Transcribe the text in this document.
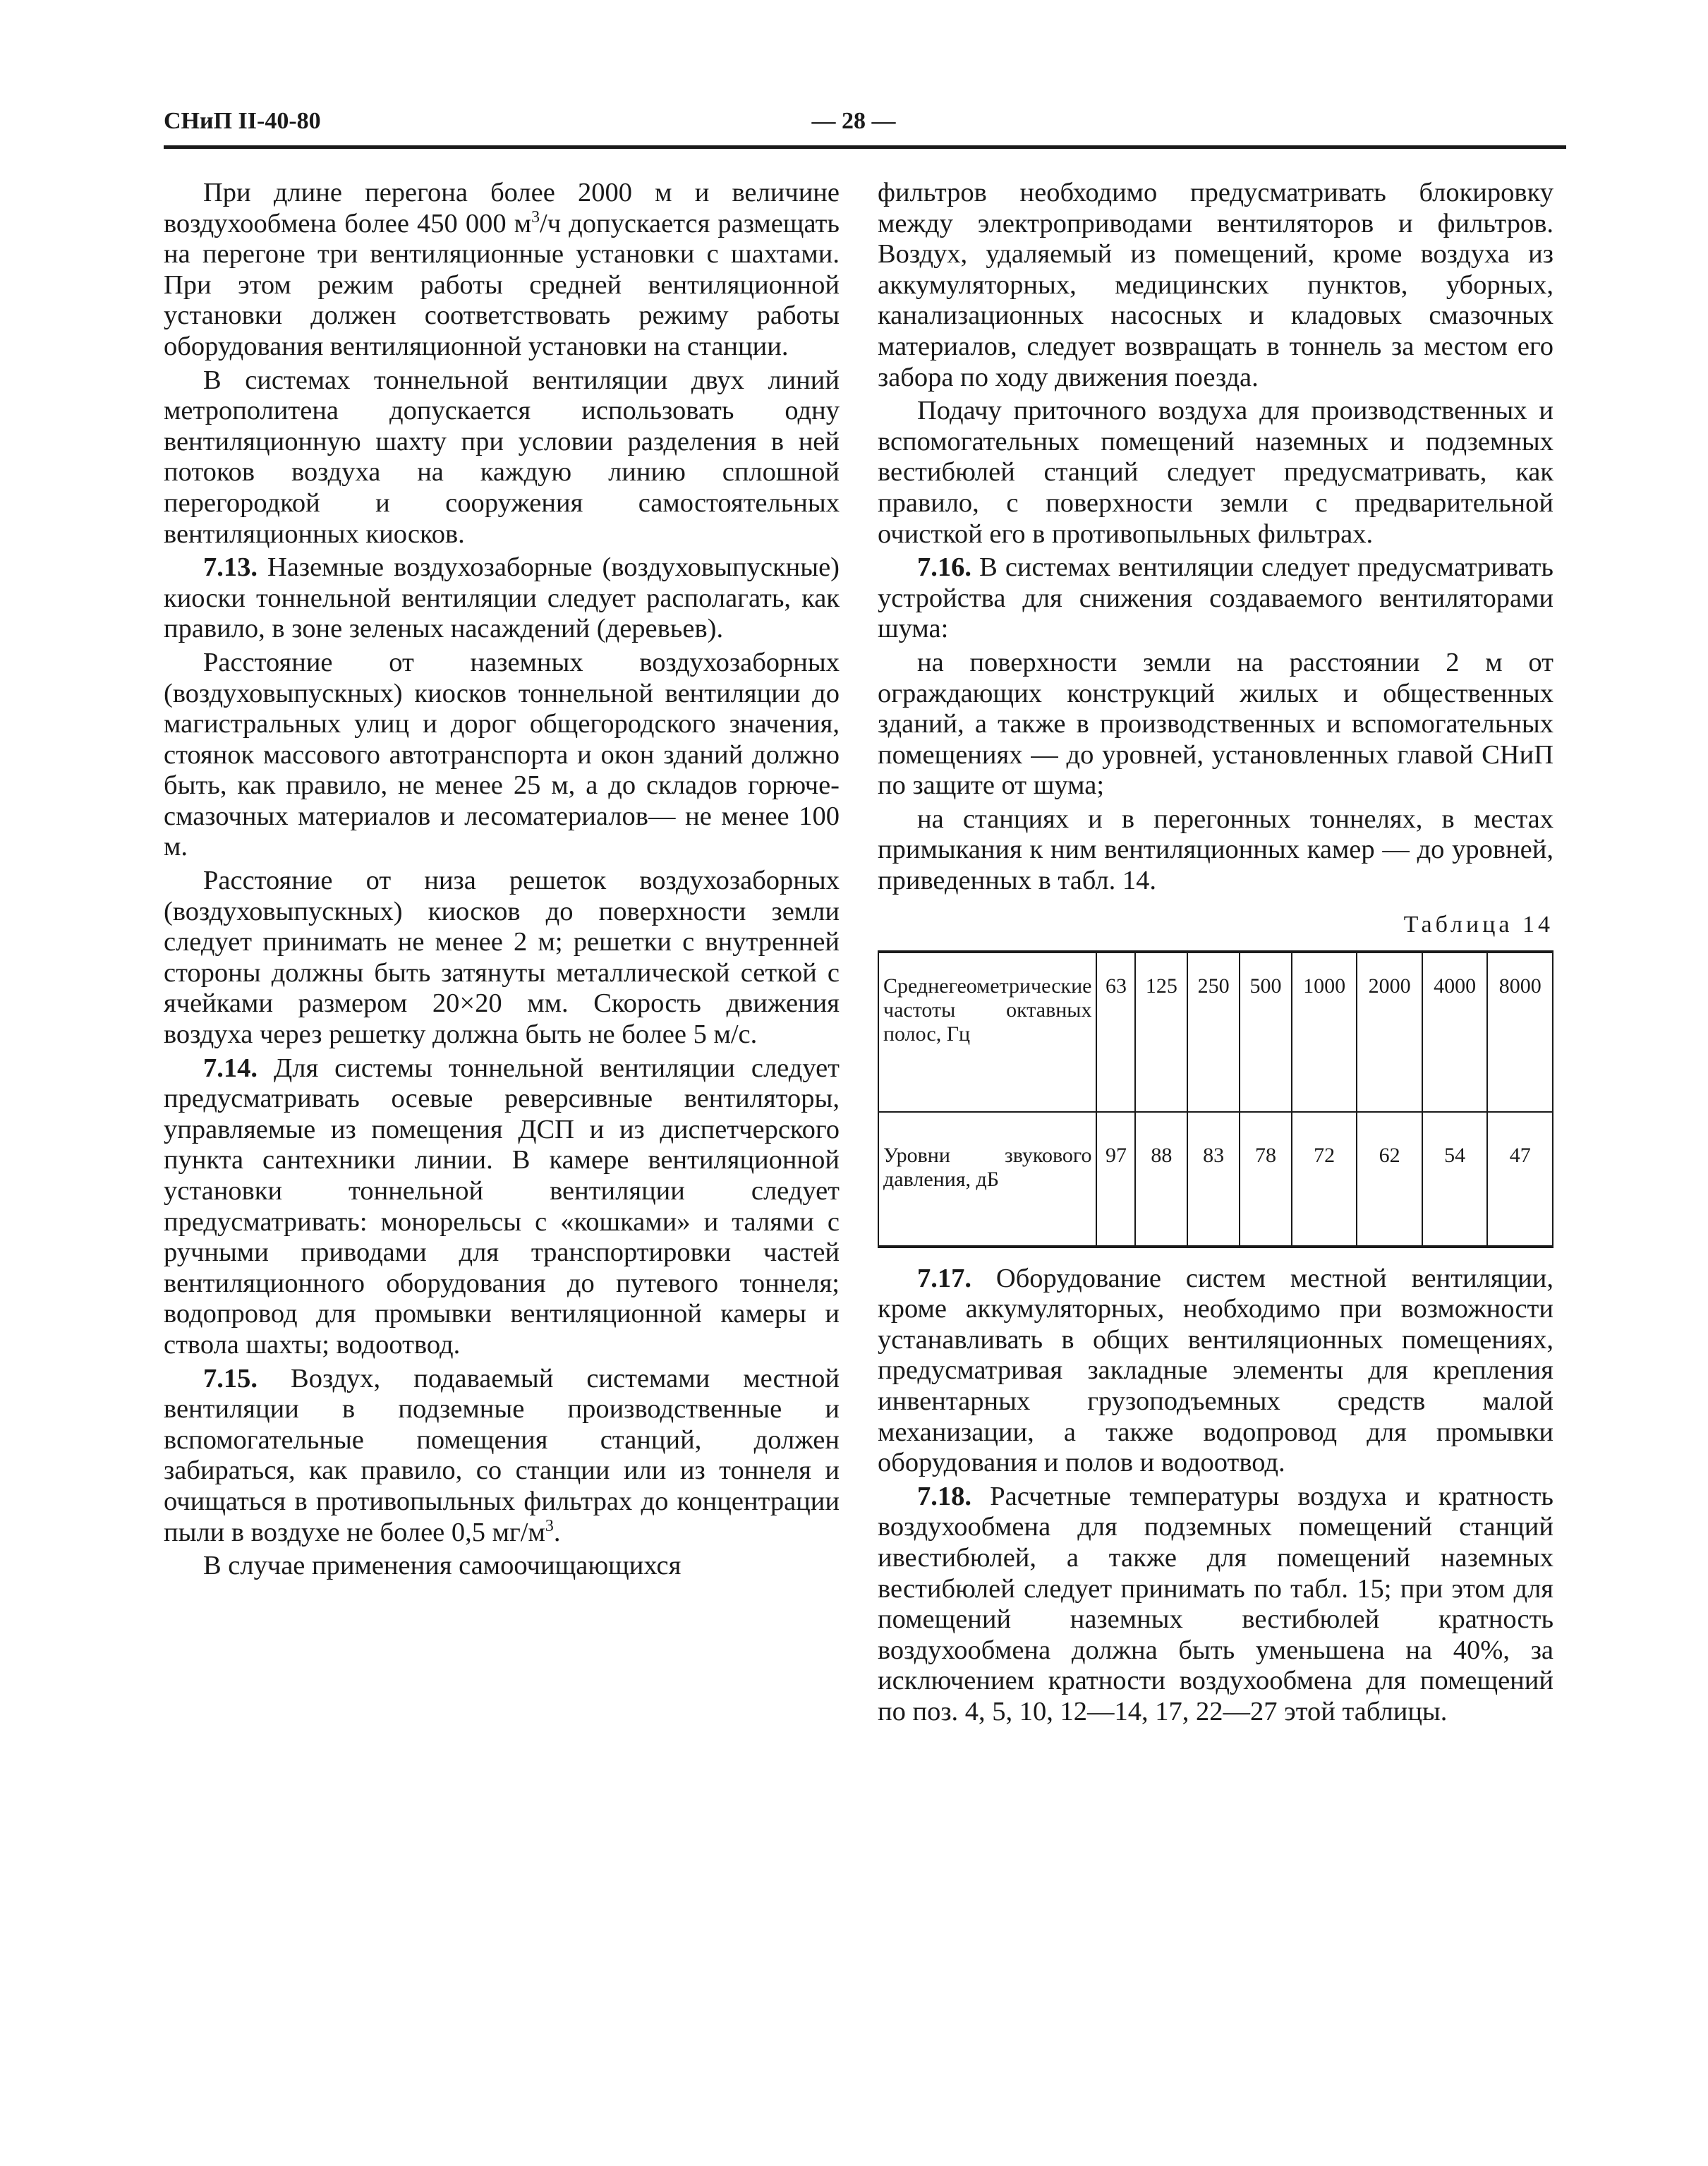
СНиП II-40-80	— 28 —

При длине перегона более 2000 м и величине воздухообмена более 450 000 $м^3/ч$ допускается размещать на перегоне три вентиляционные установки с шахтами. При этом режим работы средней вентиляционной установки должен соответствовать режиму работы оборудования вентиляционной установки на станции.

В системах тоннельной вентиляции двух линий метрополитена допускается использовать одну вентиляционную шахту при условии разделения в ней потоков воздуха на каждую линию сплошной перегородкой и сооружения самостоятельных вентиляционных киосков.

7.13. Наземные воздухозаборные (воздуховыпускные) киоски тоннельной вентиляции следует располагать, как правило, в зоне зеленых насаждений (деревьев).

Расстояние от наземных воздухозаборных (воздуховыпускных) киосков тоннельной вентиляции до магистральных улиц и дорог общегородского значения, стоянок массового автотранспорта и окон зданий должно быть, как правило, не менее 25 м, а до складов горюче-смазочных материалов и лесоматериалов— не менее 100 м.

Расстояние от низа решеток воздухозаборных (воздуховыпускных) киосков до поверхности земли следует принимать не менее 2 м; решетки с внутренней стороны должны быть затянуты металлической сеткой с ячейками размером 20×20 мм. Скорость движения воздуха через решетку должна быть не более 5 м/с.

7.14. Для системы тоннельной вентиляции следует предусматривать осевые реверсивные вентиляторы, управляемые из помещения ДСП и из диспетчерского пункта сантехники линии. В камере вентиляционной установки тоннельной вентиляции следует предусматривать: монорельсы с «кошками» и талями с ручными приводами для транспортировки частей вентиляционного оборудования до путевого тоннеля; водопровод для промывки вентиляционной камеры и ствола шахты; водоотвод.

7.15. Воздух, подаваемый системами местной вентиляции в подземные производственные и вспомогательные помещения станций, должен забираться, как правило, со станции или из тоннеля и очищаться в противопыльных фильтрах до концентрации пыли в воздухе не более 0,5 $мг/м^3$.

В случае применения самоочищающихся

фильтров необходимо предусматривать блокировку между электроприводами вентиляторов и фильтров. Воздух, удаляемый из помещений, кроме воздуха из аккумуляторных, медицинских пунктов, уборных, канализационных насосных и кладовых смазочных материалов, следует возвращать в тоннель за местом его забора по ходу движения поезда.

Подачу приточного воздуха для производственных и вспомогательных помещений наземных и подземных вестибюлей станций следует предусматривать, как правило, с поверхности земли с предварительной очисткой его в противопыльных фильтрах.

7.16. В системах вентиляции следует предусматривать устройства для снижения создаваемого вентиляторами шума:

на поверхности земли на расстоянии 2 м от ограждающих конструкций жилых и общественных зданий, а также в производственных и вспомогательных помещениях — до уровней, установленных главой СНиП по защите от шума;

на станциях и в перегонных тоннелях, в местах примыкания к ним вентиляционных камер — до уровней, приведенных в табл. 14.

Таблица 14
Среднегеометрические частоты октавных полос, Гц	63	125	250	500	1000	2000	4000	8000
Уровни звукового давления, дБ	97	88	83	78	72	62	54	47

7.17. Оборудование систем местной вентиляции, кроме аккумуляторных, необходимо при возможности устанавливать в общих вентиляционных помещениях, предусматривая закладные элементы для крепления инвентарных грузоподъемных средств малой механизации, а также водопровод для промывки оборудования и полов и водоотвод.

7.18. Расчетные температуры воздуха и кратность воздухообмена для подземных помещений станций ивестибюлей, а также для помещений наземных вестибюлей следует принимать по табл. 15; при этом для помещений наземных вестибюлей кратность воздухообмена должна быть уменьшена на 40%, за исключением кратности воздухообмена для помещений по поз. 4, 5, 10, 12—14, 17, 22—27 этой таблицы.
